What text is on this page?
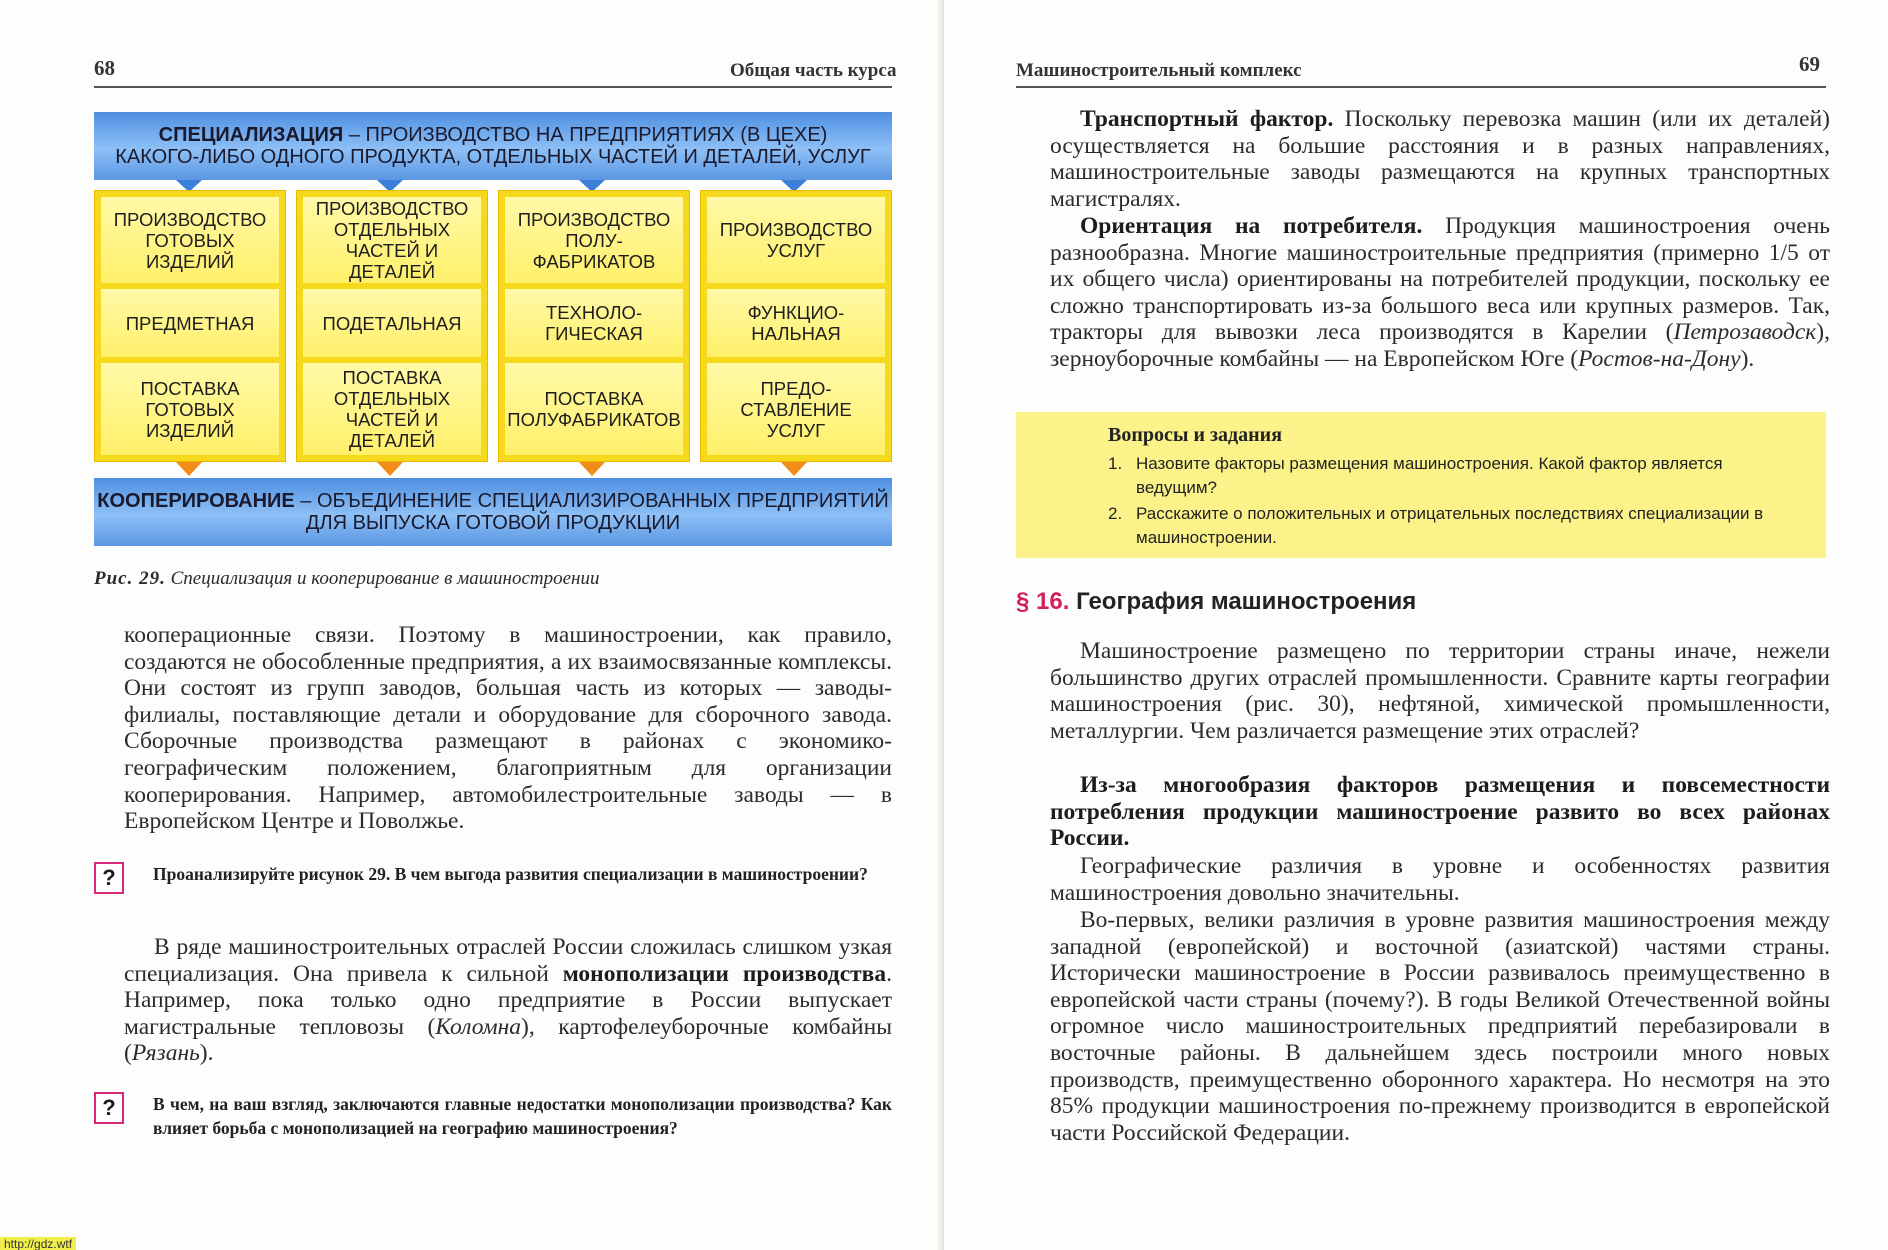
68	Общая часть курса
СПЕЦИАЛИЗАЦИЯ – ПРОИЗВОДСТВО НА ПРЕДПРИЯТИЯХ (В ЦЕХЕ)
КАКОГО-ЛИБО ОДНОГО ПРОДУКТА, ОТДЕЛЬНЫХ ЧАСТЕЙ И ДЕТАЛЕЙ, УСЛУГ
ПРОИЗВОДСТВО ГОТОВЫХ ИЗДЕЛИЙ
ПРЕДМЕТНАЯ
ПОСТАВКА ГОТОВЫХ ИЗДЕЛИЙ
ПРОИЗВОДСТВО ОТДЕЛЬНЫХ ЧАСТЕЙ И ДЕТАЛЕЙ
ПОДЕТАЛЬНАЯ
ПОСТАВКА ОТДЕЛЬНЫХ ЧАСТЕЙ И ДЕТАЛЕЙ
ПРОИЗВОДСТВО ПОЛУ- ФАБРИКАТОВ
ТЕХНОЛО- ГИЧЕСКАЯ
ПОСТАВКА ПОЛУФАБРИКАТОВ
ПРОИЗВОДСТВО УСЛУГ
ФУНКЦИО- НАЛЬНАЯ
ПРЕДО- СТАВЛЕНИЕ УСЛУГ
КООПЕРИРОВАНИЕ – ОБЪЕДИНЕНИЕ СПЕЦИАЛИЗИРОВАННЫХ ПРЕДПРИЯТИЙ
ДЛЯ ВЫПУСКА ГОТОВОЙ ПРОДУКЦИИ
Рис. 29. Специализация и кооперирование в машиностроении

кооперационные связи. Поэтому в машиностроении, как правило, создаются не обособленные предприятия, а их взаимосвязанные комплексы. Они состоят из групп заводов, большая часть из которых — заводы-филиалы, поставляющие детали и оборудование для сборочного завода. Сборочные производства размещают в районах с экономико-географическим положением, благоприятным для организации кооперирования. Например, автомобилестроительные заводы — в Европейском Центре и Поволжье.

?	Проанализируйте рисунок 29. В чем выгода развития специализации в машиностроении?

В ряде машиностроительных отраслей России сложилась слишком узкая специализация. Она привела к сильной монополизации производства. Например, пока только одно предприятие в России выпускает магистральные тепловозы (Коломна), картофелеуборочные комбайны (Рязань).

?	В чем, на ваш взгляд, заключаются главные недостатки монополизации производства? Как влияет борьба с монополизацией на географию машиностроения?

http://gdz.wtf
Машиностроительный комплекс	69

Транспортный фактор. Поскольку перевозка машин (или их деталей) осуществляется на большие расстояния и в разных направлениях, машиностроительные заводы размещаются на крупных транспортных магистралях.

Ориентация на потребителя. Продукция машиностроения очень разнообразна. Многие машиностроительные предприятия (примерно 1/5 от их общего числа) ориентированы на потребителей продукции, поскольку ее сложно транспортировать из-за большого веса или крупных размеров. Так, тракторы для вывозки леса производятся в Карелии (Петрозаводск), зерноуборочные комбайны — на Европейском Юге (Ростов-на-Дону).

Вопросы и задания
1. Назовите факторы размещения машиностроения. Какой фактор является ведущим?
2. Расскажите о положительных и отрицательных последствиях специализации в машиностроении.
§ 16. География машиностроения

Машиностроение размещено по территории страны иначе, нежели большинство других отраслей промышленности. Сравните карты географии машиностроения (рис. 30), нефтяной, химической промышленности, металлургии. Чем различается размещение этих отраслей?

Из-за многообразия факторов размещения и повсеместности потребления продукции машиностроение развито во всех районах России.

Географические различия в уровне и особенностях развития машиностроения довольно значительны.

Во-первых, велики различия в уровне развития машиностроения между западной (европейской) и восточной (азиатской) частями страны. Исторически машиностроение в России развивалось преимущественно в европейской части страны (почему?). В годы Великой Отечественной войны огромное число машиностроительных предприятий перебазировали в восточные районы. В дальнейшем здесь построили много новых производств, преимущественно оборонного характера. Но несмотря на это 85% продукции машиностроения по-прежнему производится в европейской части Российской Федерации.
